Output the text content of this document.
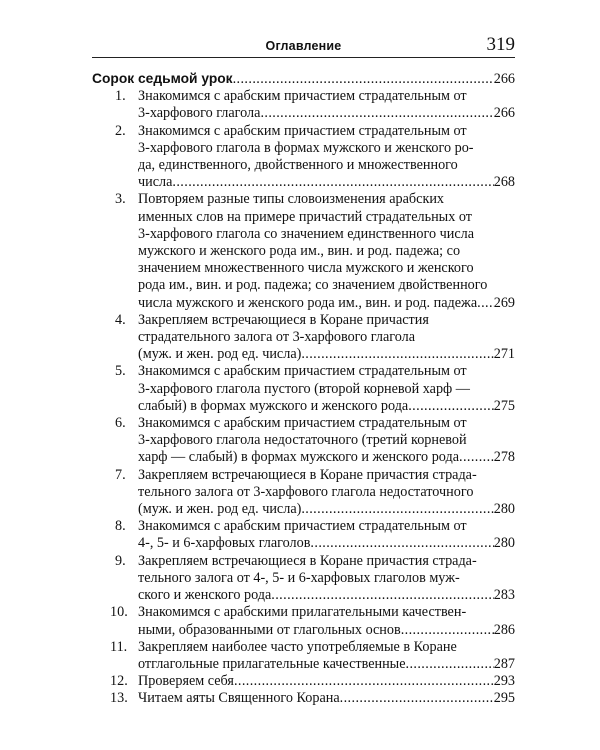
Оглавление	319
Сорок седьмой урок .....	266
1. Знакомимся с арабским причастием страдательным от
3-харфового глагола .....	266
2. Знакомимся с арабским причастием страдательным от
3-харфового глагола в формах мужского и женского ро-
да, единственного, двойственного и множественного
числа .....	268
3. Повторяем разные типы словоизменения арабских
именных слов на примере причастий страдательных от
3-харфового глагола со значением единственного числа
мужского и женского рода им., вин. и род. падежа; со
значением множественного числа мужского и женского
рода им., вин. и род. падежа; со значением двойственного
числа мужского и женского рода им., вин. и род. падежа ..... 269
4. Закрепляем встречающиеся в Коране причастия
страдательного залога от 3-харфового глагола
(муж. и жен. род ед. числа) .....	271
5. Знакомимся с арабским причастием страдательным от
3-харфового глагола пустого (второй корневой харф —
слабый) в формах мужского и женского рода .....	275
6. Знакомимся с арабским причастием страдательным от
3-харфового глагола недостаточного (третий корневой
харф — слабый) в формах мужского и женского рода ..... 278
7. Закрепляем встречающиеся в Коране причастия страда-
тельного залога от 3-харфового глагола недостаточного
(муж. и жен. род ед. числа) .....	280
8. Знакомимся с арабским причастием страдательным от
4-, 5- и 6-харфовых глаголов .....	280
9. Закрепляем встречающиеся в Коране причастия страда-
тельного залога от 4-, 5- и 6-харфовых глаголов муж-
ского и женского рода .....	283
10. Знакомимся с арабскими прилагательными качествен-
ными, образованными от глагольных основ .....	286
11. Закрепляем наиболее часто употребляемые в Коране
отглагольные прилагательные качественные .....	287
12. Проверяем себя .....	293
13. Читаем аяты Священного Корана .....	295
